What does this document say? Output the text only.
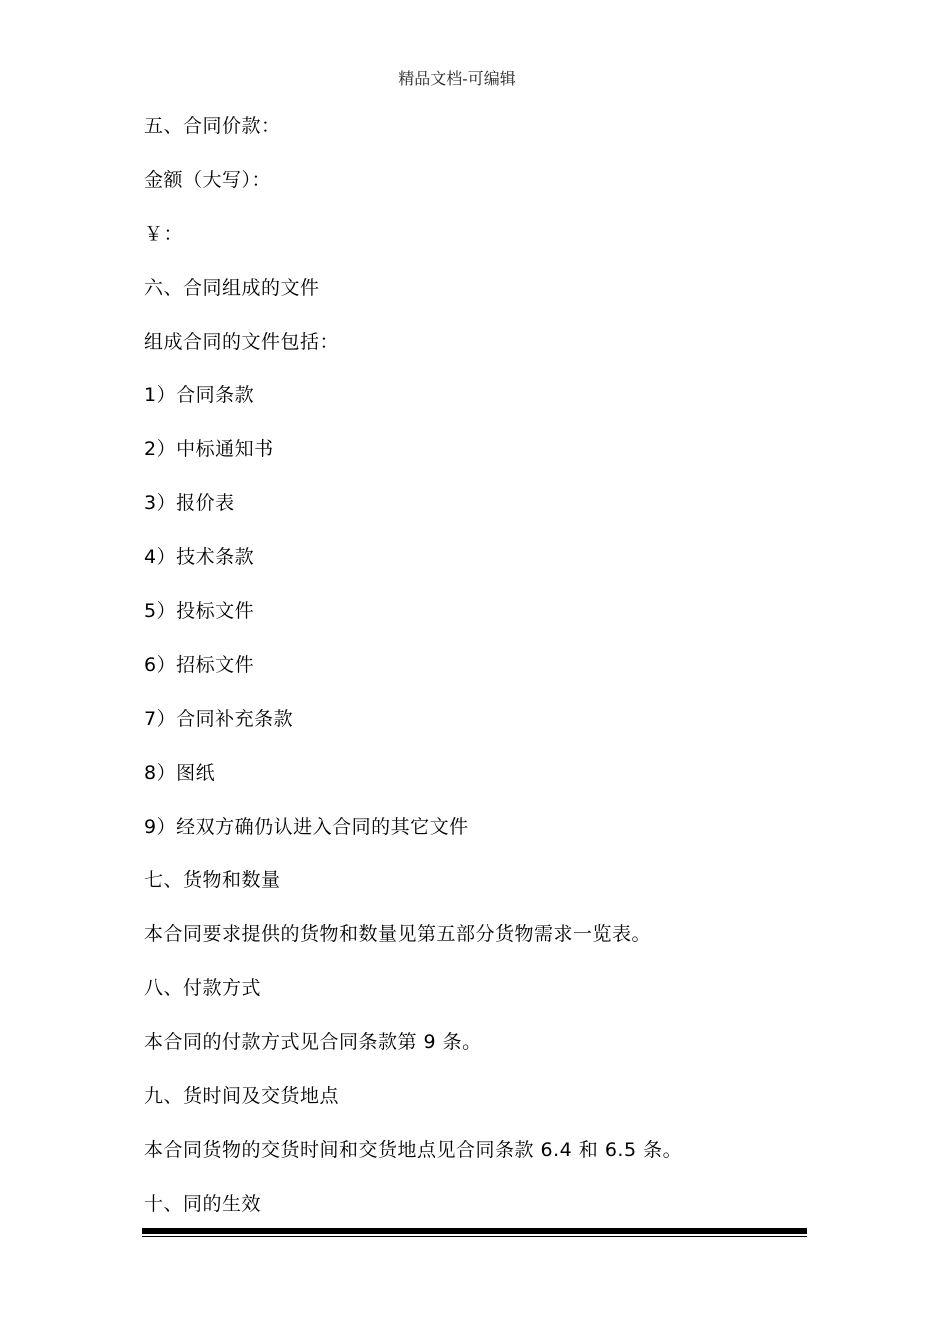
精品文档-可编辑
五、合同价款：
金额（大写）：
￥：
六、合同组成的文件
组成合同的文件包括：
1）合同条款
2）中标通知书
3）报价表
4）技术条款
5）投标文件
6）招标文件
7）合同补充条款
8）图纸
9）经双方确仍认进入合同的其它文件
七、货物和数量
本合同要求提供的货物和数量见第五部分货物需求一览表。
八、付款方式
本合同的付款方式见合同条款第 9 条。
九、货时间及交货地点
本合同货物的交货时间和交货地点见合同条款 6.4 和 6.5 条。
十、同的生效
